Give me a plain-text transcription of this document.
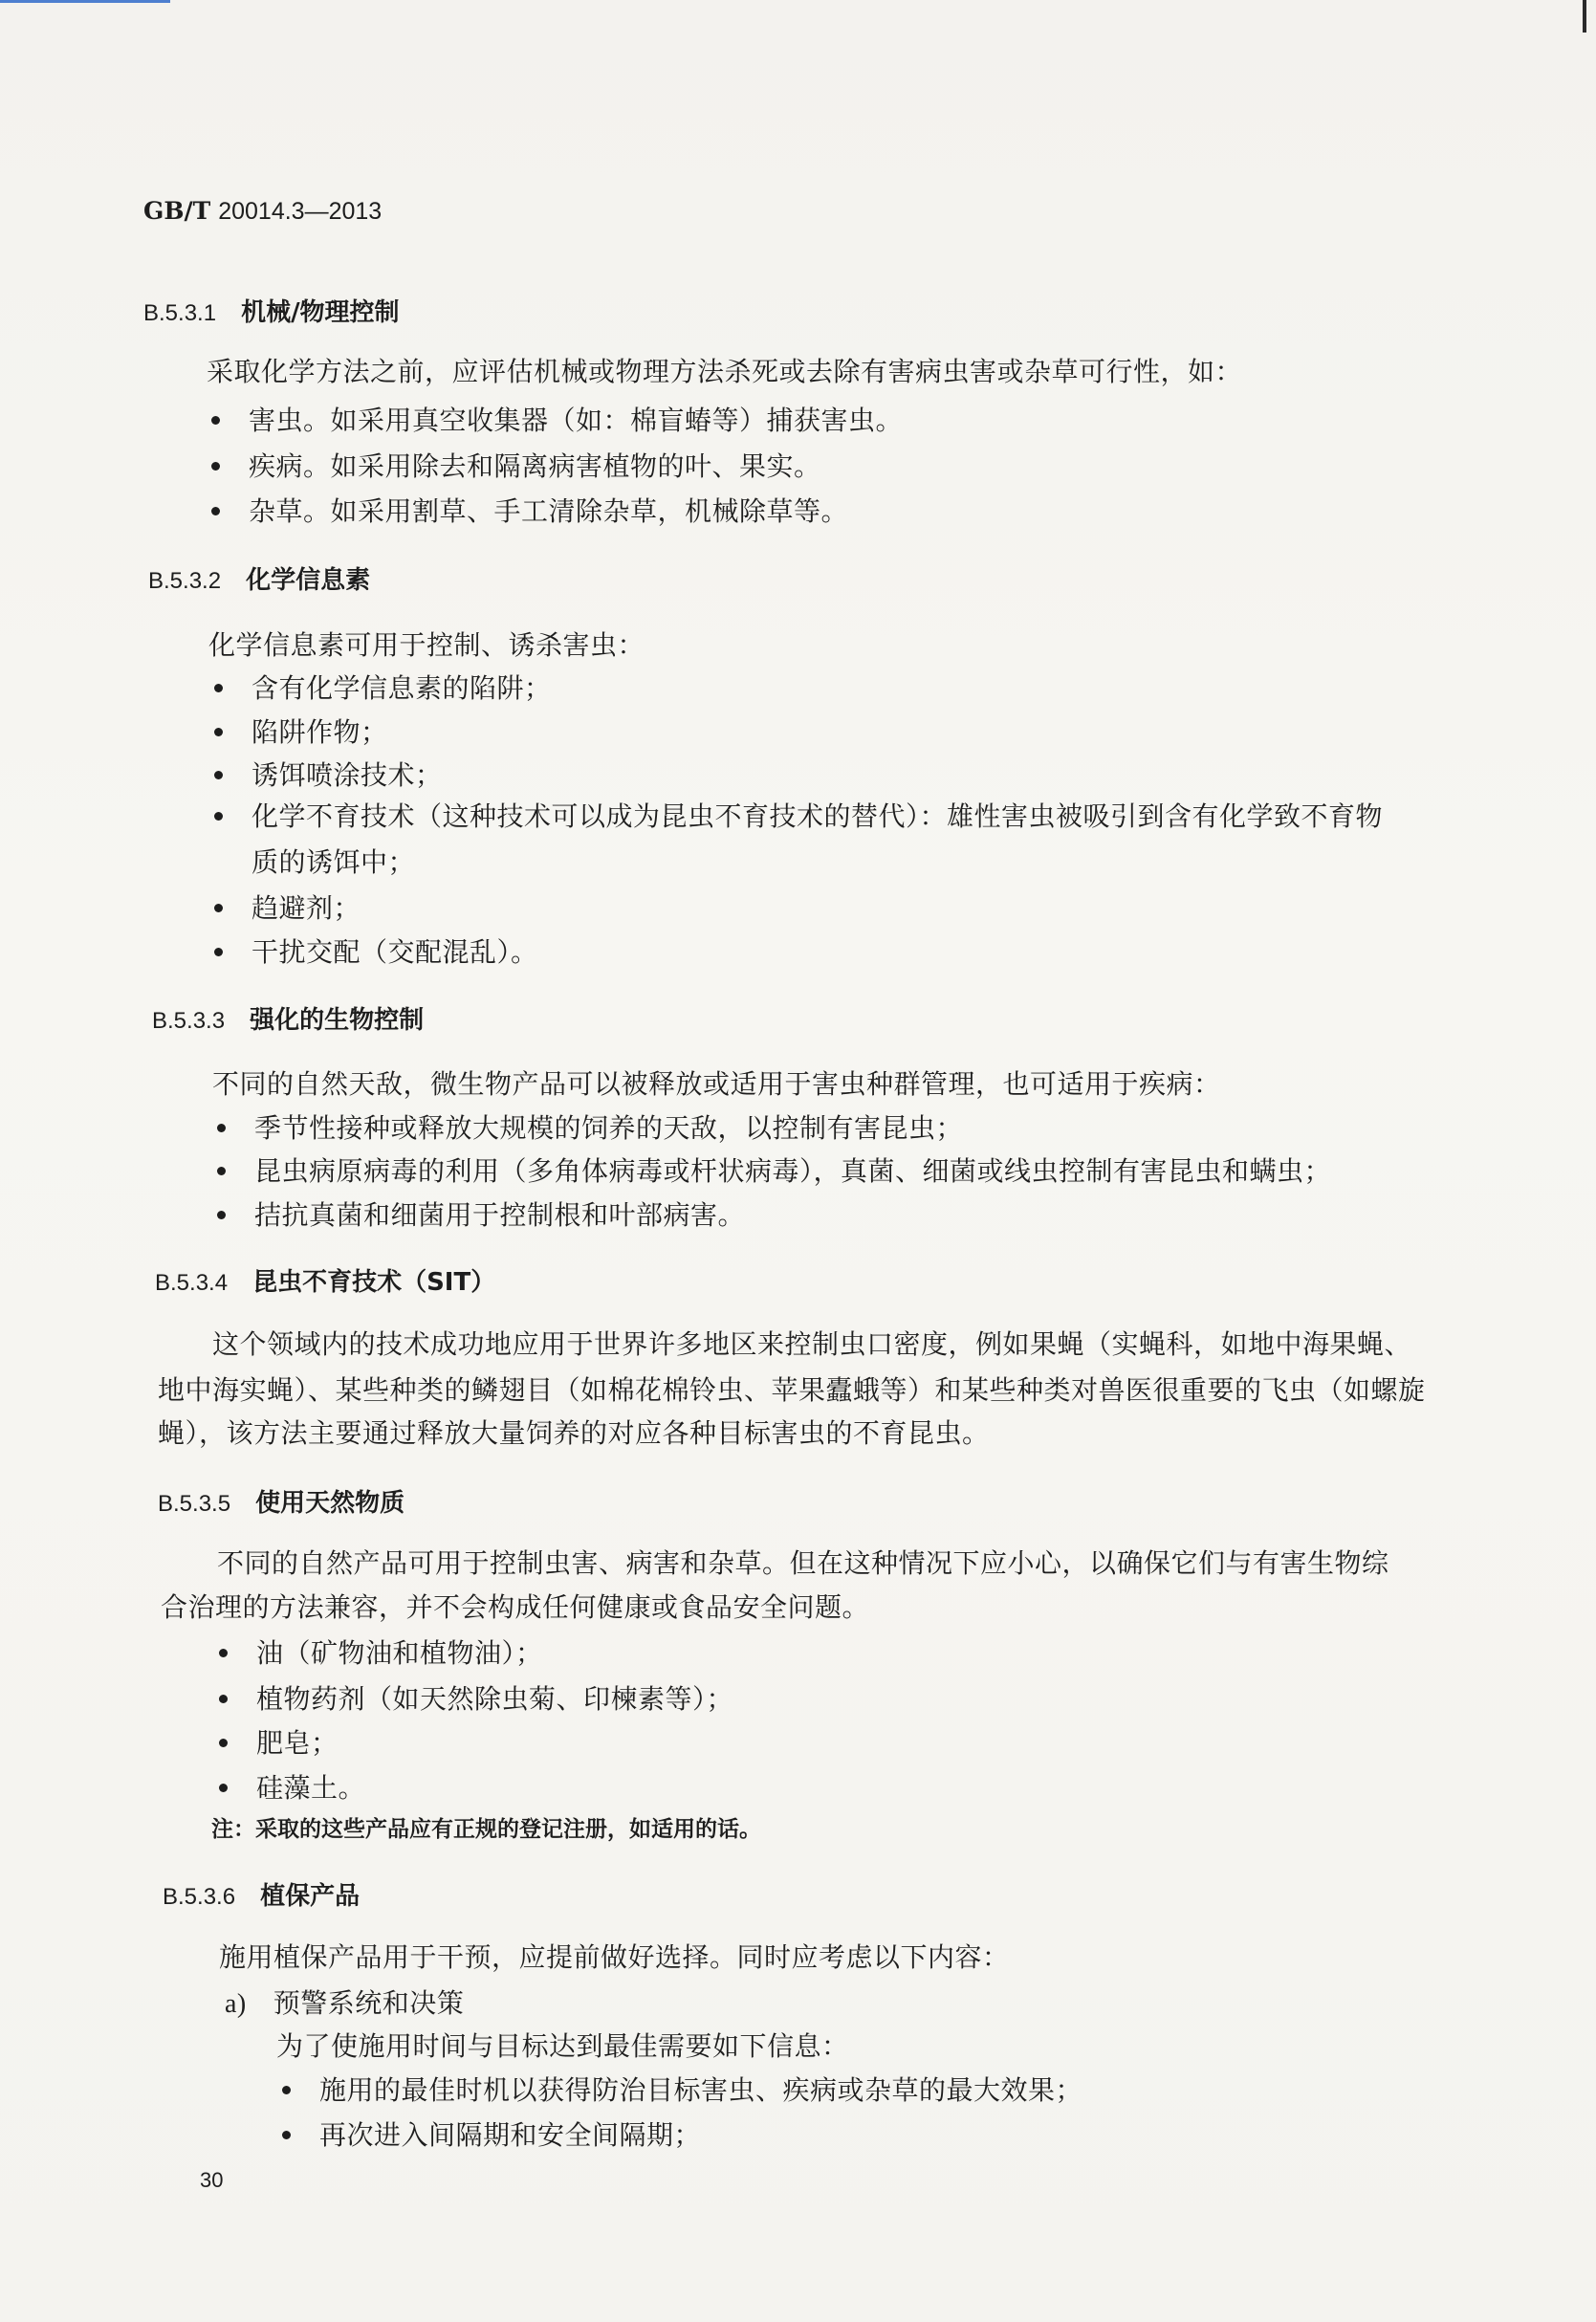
GB/T 20014.3—2013
B.5.3.1 机械/物理控制
采取化学方法之前，应评估机械或物理方法杀死或去除有害病虫害或杂草可行性，如：
害虫。如采用真空收集器（如：棉盲蝽等）捕获害虫。
疾病。如采用除去和隔离病害植物的叶、果实。
杂草。如采用割草、手工清除杂草，机械除草等。
B.5.3.2 化学信息素
化学信息素可用于控制、诱杀害虫：
含有化学信息素的陷阱；
陷阱作物；
诱饵喷涂技术；
化学不育技术（这种技术可以成为昆虫不育技术的替代）：雄性害虫被吸引到含有化学致不育物
质的诱饵中；
趋避剂；
干扰交配（交配混乱）。
B.5.3.3 强化的生物控制
不同的自然天敌，微生物产品可以被释放或适用于害虫种群管理，也可适用于疾病：
季节性接种或释放大规模的饲养的天敌，以控制有害昆虫；
昆虫病原病毒的利用（多角体病毒或杆状病毒），真菌、细菌或线虫控制有害昆虫和螨虫；
拮抗真菌和细菌用于控制根和叶部病害。
B.5.3.4 昆虫不育技术（SIT）
这个领域内的技术成功地应用于世界许多地区来控制虫口密度，例如果蝇（实蝇科，如地中海果蝇、
地中海实蝇）、某些种类的鳞翅目（如棉花棉铃虫、苹果蠹蛾等）和某些种类对兽医很重要的飞虫（如螺旋
蝇），该方法主要通过释放大量饲养的对应各种目标害虫的不育昆虫。
B.5.3.5 使用天然物质
不同的自然产品可用于控制虫害、病害和杂草。但在这种情况下应小心，以确保它们与有害生物综
合治理的方法兼容，并不会构成任何健康或食品安全问题。
油（矿物油和植物油）；
植物药剂（如天然除虫菊、印楝素等）；
肥皂；
硅藻土。
注：采取的这些产品应有正规的登记注册，如适用的话。
B.5.3.6 植保产品
施用植保产品用于干预，应提前做好选择。同时应考虑以下内容：
a) 预警系统和决策
为了使施用时间与目标达到最佳需要如下信息：
施用的最佳时机以获得防治目标害虫、疾病或杂草的最大效果；
再次进入间隔期和安全间隔期；
30
